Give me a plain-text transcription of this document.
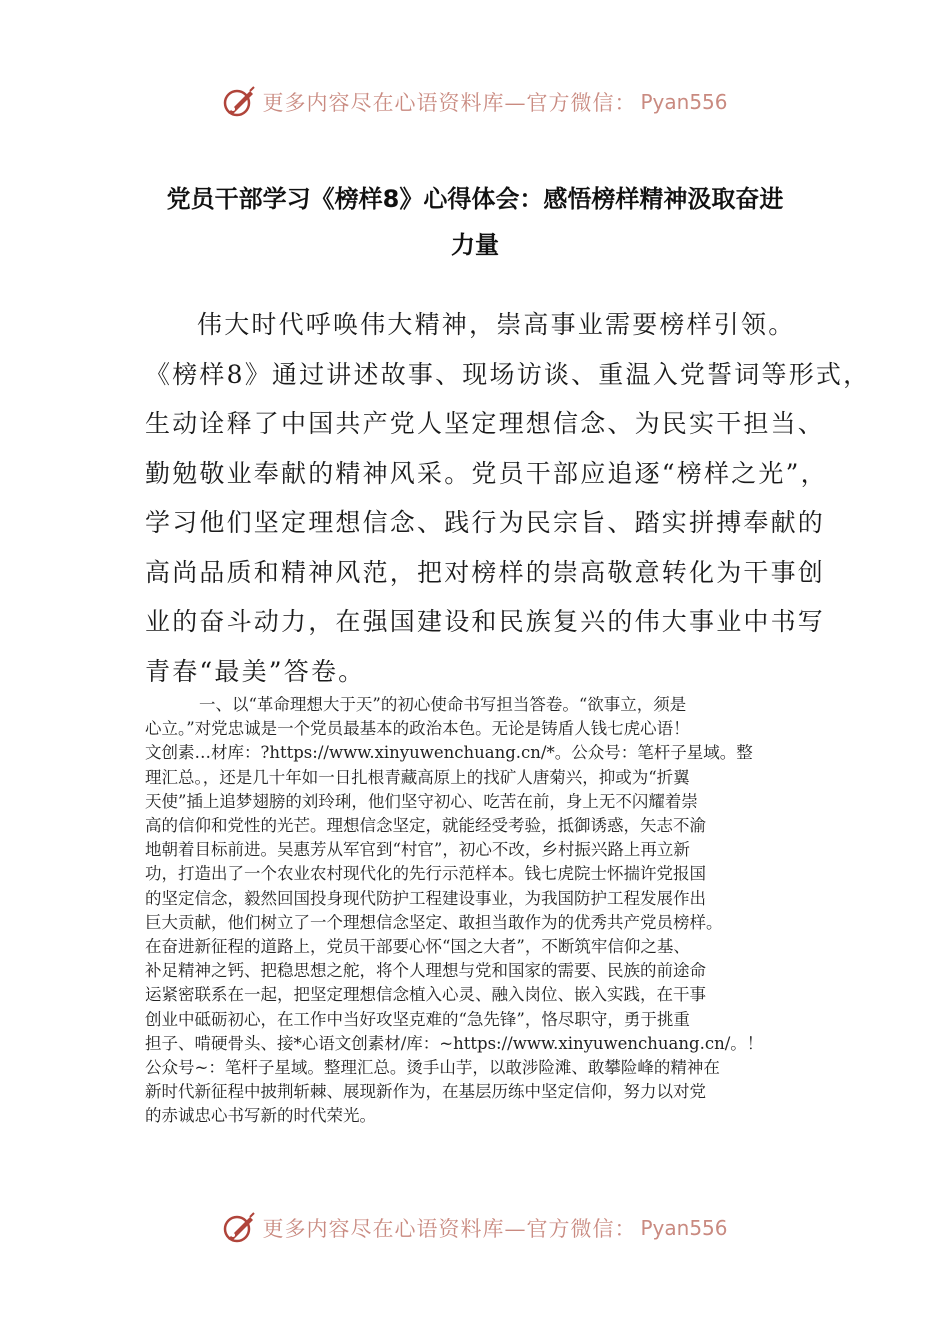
更多内容尽在心语资料库—官方微信： Pyan556
党员干部学习《榜样8》心得体会：感悟榜样精神汲取奋进
力量
伟大时代呼唤伟大精神，崇高事业需要榜样引领。
《榜样8》通过讲述故事、现场访谈、重温入党誓词等形式，
生动诠释了中国共产党人坚定理想信念、为民实干担当、
勤勉敬业奉献的精神风采。党员干部应追逐“榜样之光”，
学习他们坚定理想信念、践行为民宗旨、踏实拼搏奉献的
高尚品质和精神风范，把对榜样的崇高敬意转化为干事创
业的奋斗动力，在强国建设和民族复兴的伟大事业中书写
青春“最美”答卷。
一、以“革命理想大于天”的初心使命书写担当答卷。“欲事立，须是
心立。”对党忠诚是一个党员最基本的政治本色。无论是铸盾人钱七虎心语！
文创素…材库：?https://www.xinyuwenchuang.cn/*。公众号：笔杆子星域。整
理汇总。，还是几十年如一日扎根青藏高原上的找矿人唐菊兴，抑或为“折翼
天使”插上追梦翅膀的刘玲琍，他们坚守初心、吃苦在前，身上无不闪耀着崇
高的信仰和党性的光芒。理想信念坚定，就能经受考验，抵御诱惑，矢志不渝
地朝着目标前进。吴惠芳从军官到“村官”，初心不改，乡村振兴路上再立新
功，打造出了一个农业农村现代化的先行示范样本。钱七虎院士怀揣许党报国
的坚定信念，毅然回国投身现代防护工程建设事业，为我国防护工程发展作出
巨大贡献，他们树立了一个理想信念坚定、敢担当敢作为的优秀共产党员榜样。
在奋进新征程的道路上，党员干部要心怀“国之大者”，不断筑牢信仰之基、
补足精神之钙、把稳思想之舵，将个人理想与党和国家的需要、民族的前途命
运紧密联系在一起，把坚定理想信念植入心灵、融入岗位、嵌入实践，在干事
创业中砥砺初心，在工作中当好攻坚克难的“急先锋”，恪尽职守，勇于挑重
担子、啃硬骨头、接*心语文创素材/库：~https://www.xinyuwenchuang.cn/。！
公众号~：笔杆子星域。整理汇总。烫手山芋，以敢涉险滩、敢攀险峰的精神在
新时代新征程中披荆斩棘、展现新作为，在基层历练中坚定信仰，努力以对党
的赤诚忠心书写新的时代荣光。
更多内容尽在心语资料库—官方微信： Pyan556
